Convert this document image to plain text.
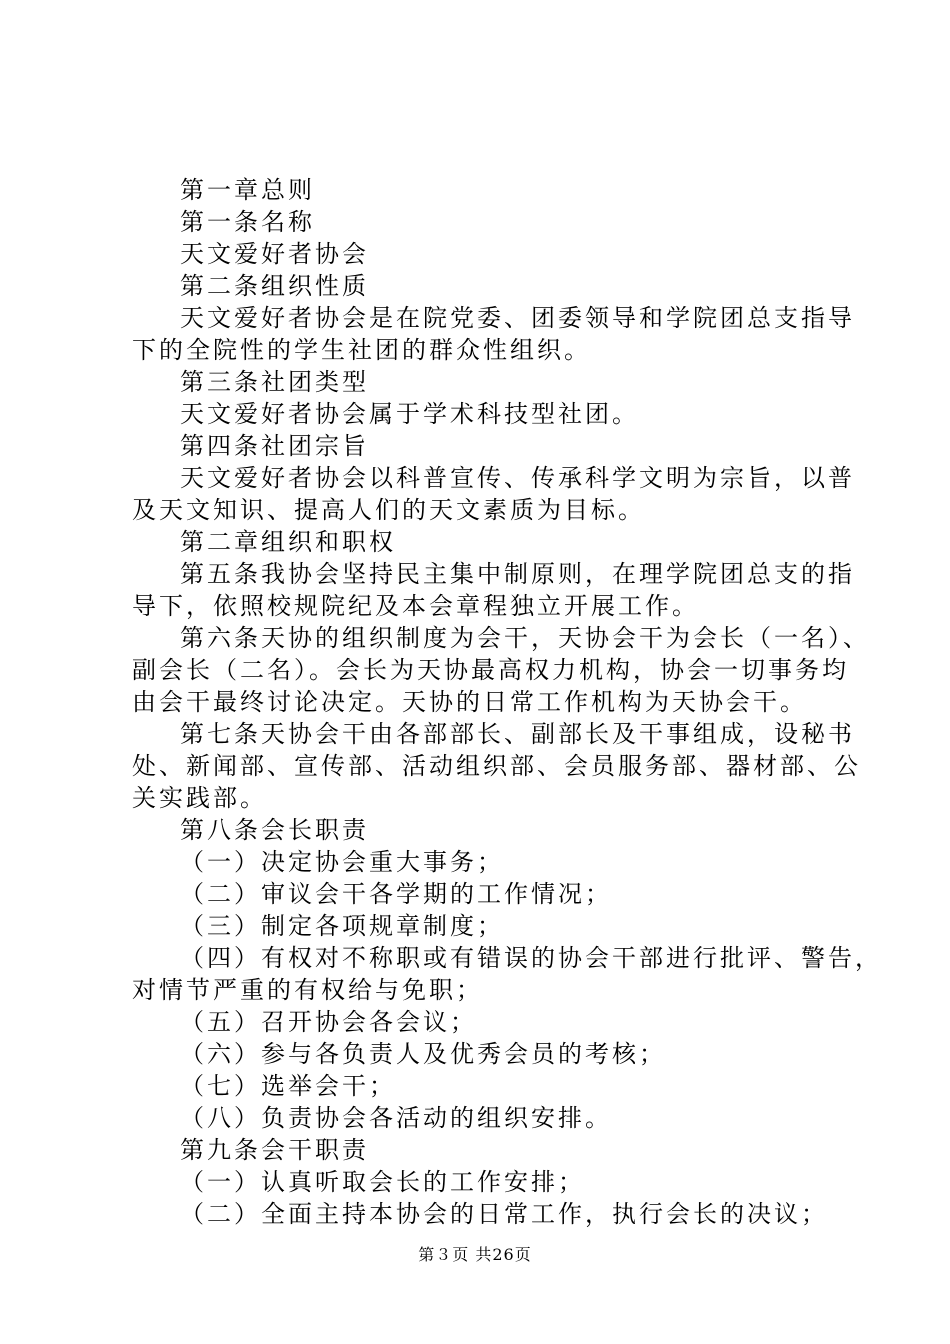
第一章总则
第一条名称
天文爱好者协会
第二条组织性质
天文爱好者协会是在院党委、团委领导和学院团总支指导
下的全院性的学生社团的群众性组织。
第三条社团类型
天文爱好者协会属于学术科技型社团。
第四条社团宗旨
天文爱好者协会以科普宣传、传承科学文明为宗旨，以普
及天文知识、提高人们的天文素质为目标。
第二章组织和职权
第五条我协会坚持民主集中制原则，在理学院团总支的指
导下，依照校规院纪及本会章程独立开展工作。
第六条天协的组织制度为会干，天协会干为会长（一名）、
副会长（二名）。会长为天协最高权力机构，协会一切事务均
由会干最终讨论决定。天协的日常工作机构为天协会干。
第七条天协会干由各部部长、副部长及干事组成，设秘书
处、新闻部、宣传部、活动组织部、会员服务部、器材部、公
关实践部。
第八条会长职责
（一）决定协会重大事务；
（二）审议会干各学期的工作情况；
（三）制定各项规章制度；
（四）有权对不称职或有错误的协会干部进行批评、警告，
对情节严重的有权给与免职；
（五）召开协会各会议；
（六）参与各负责人及优秀会员的考核；
（七）选举会干；
（八）负责协会各活动的组织安排。
第九条会干职责
（一）认真听取会长的工作安排；
（二）全面主持本协会的日常工作，执行会长的决议；
第３页 共26页
